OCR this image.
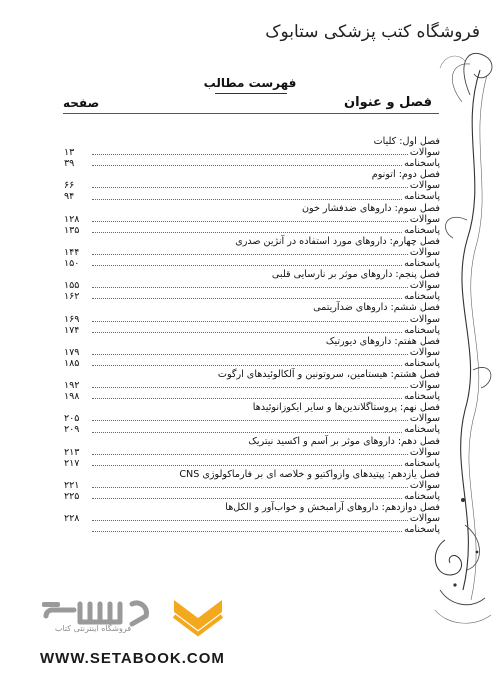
فروشگاه کتب پزشکی ستابوک
فهرست مطالب
فصل و عنوان
صفحه
فصل اول: کلیات
سوالات
۱۳
پاسخنامه
۳۹
فصل دوم: اتونوم
سوالات
۶۶
پاسخنامه
۹۴
فصل سوم: داروهای ضدفشار خون
سوالات
۱۲۸
پاسخنامه
۱۳۵
فصل چهارم: داروهای مورد استفاده در آنژین صدری
سوالات
۱۴۴
پاسخنامه
۱۵۰
فصل پنجم: داروهای موثر بر نارسایی قلبی
سوالات
۱۵۵
پاسخنامه
۱۶۲
فصل ششم: داروهای ضدآریتمی
سوالات
۱۶۹
پاسخنامه
۱۷۴
فصل هفتم: داروهای دیورتیک
سوالات
۱۷۹
پاسخنامه
۱۸۵
فصل هشتم: هیستامین، سروتونین و آلکالوئیدهای ارگوت
سوالات
۱۹۲
پاسخنامه
۱۹۸
فصل نهم: پروستاگلاندین‌ها و سایر ایکوزانوئیدها
سوالات
۲۰۵
پاسخنامه
۲۰۹
فصل دهم: داروهای موثر بر آسم و اکسید نیتریک
سوالات
۲۱۳
پاسخنامه
۲۱۷
فصل یازدهم: پپتیدهای وازواکتیو و خلاصه ای بر فارماکولوژی CNS
سوالات
۲۲۱
پاسخنامه
۲۲۵
فصل دوازدهم: داروهای آرامبخش و خواب‌آور و الکل‌ها
سوالات
۲۲۸
پاسخنامه
فروشگاه اینترنتی کتاب
WWW.SETABOOK.COM
